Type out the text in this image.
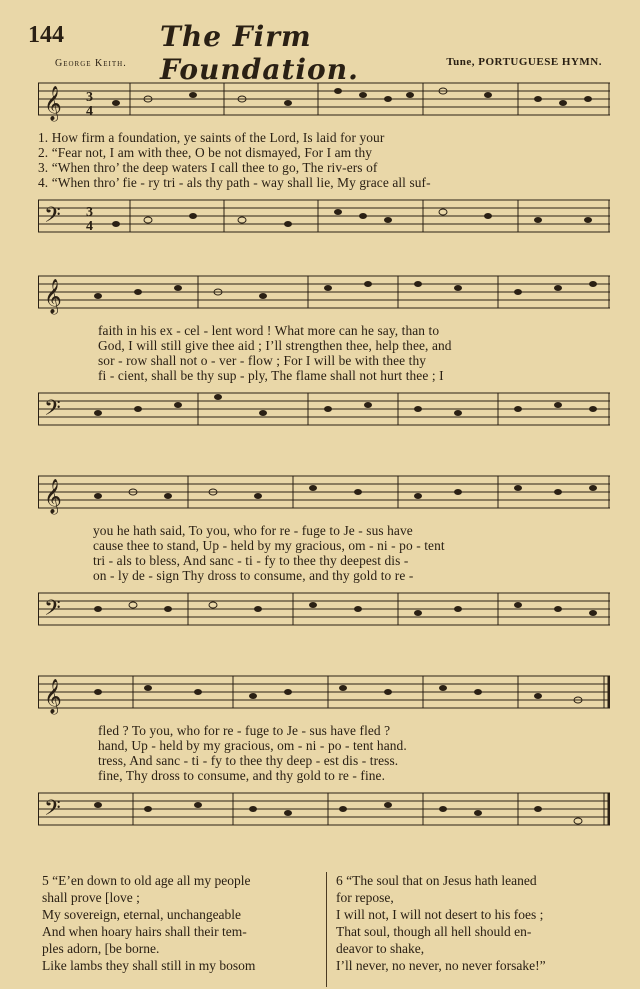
144	The Firm Foundation.
George Keith.	Tune, PORTUGUESE HYMN.
𝄞 3
4
1. How firm a foundation, ye saints of the Lord, Is laid for your
2. “Fear not, I am with thee, O be not dismayed, For I am thy
3. “When thro’ the deep waters I call thee to go, The riv-ers of
4. “When thro’ fie - ry tri - als thy path - way shall lie, My grace all suf-
𝄢 3
4
𝄞
faith in his ex - cel - lent word ! What more can he say, than to
God, I will still give thee aid ; I’ll strengthen thee, help thee, and
sor - row shall not o - ver - flow ; For I will be with thee thy
fi - cient, shall be thy sup - ply, The flame shall not hurt thee ; I
𝄢
𝄞
you he hath said, To you, who for re - fuge to Je - sus have
cause thee to stand, Up - held by my gracious, om - ni - po - tent
tri - als to bless, And sanc - ti - fy to thee thy deepest dis -
on - ly de - sign Thy dross to consume, and thy gold to re -
𝄢
𝄞
fled ? To you, who for re - fuge to Je - sus have fled ?
hand, Up - held by my gracious, om - ni - po - tent hand.
tress, And sanc - ti - fy to thee thy deep - est dis - tress.
fine, Thy dross to consume, and thy gold to re - fine.
𝄢
5 “E’en down to old age all my people
shall prove [love ;
My sovereign, eternal, unchangeable
And when hoary hairs shall their tem-
ples adorn, [be borne.
Like lambs they shall still in my bosom
6 “The soul that on Jesus hath leaned
for repose,
I will not, I will not desert to his foes ;
That soul, though all hell should en-
deavor to shake,
I’ll never, no never, no never forsake!”
